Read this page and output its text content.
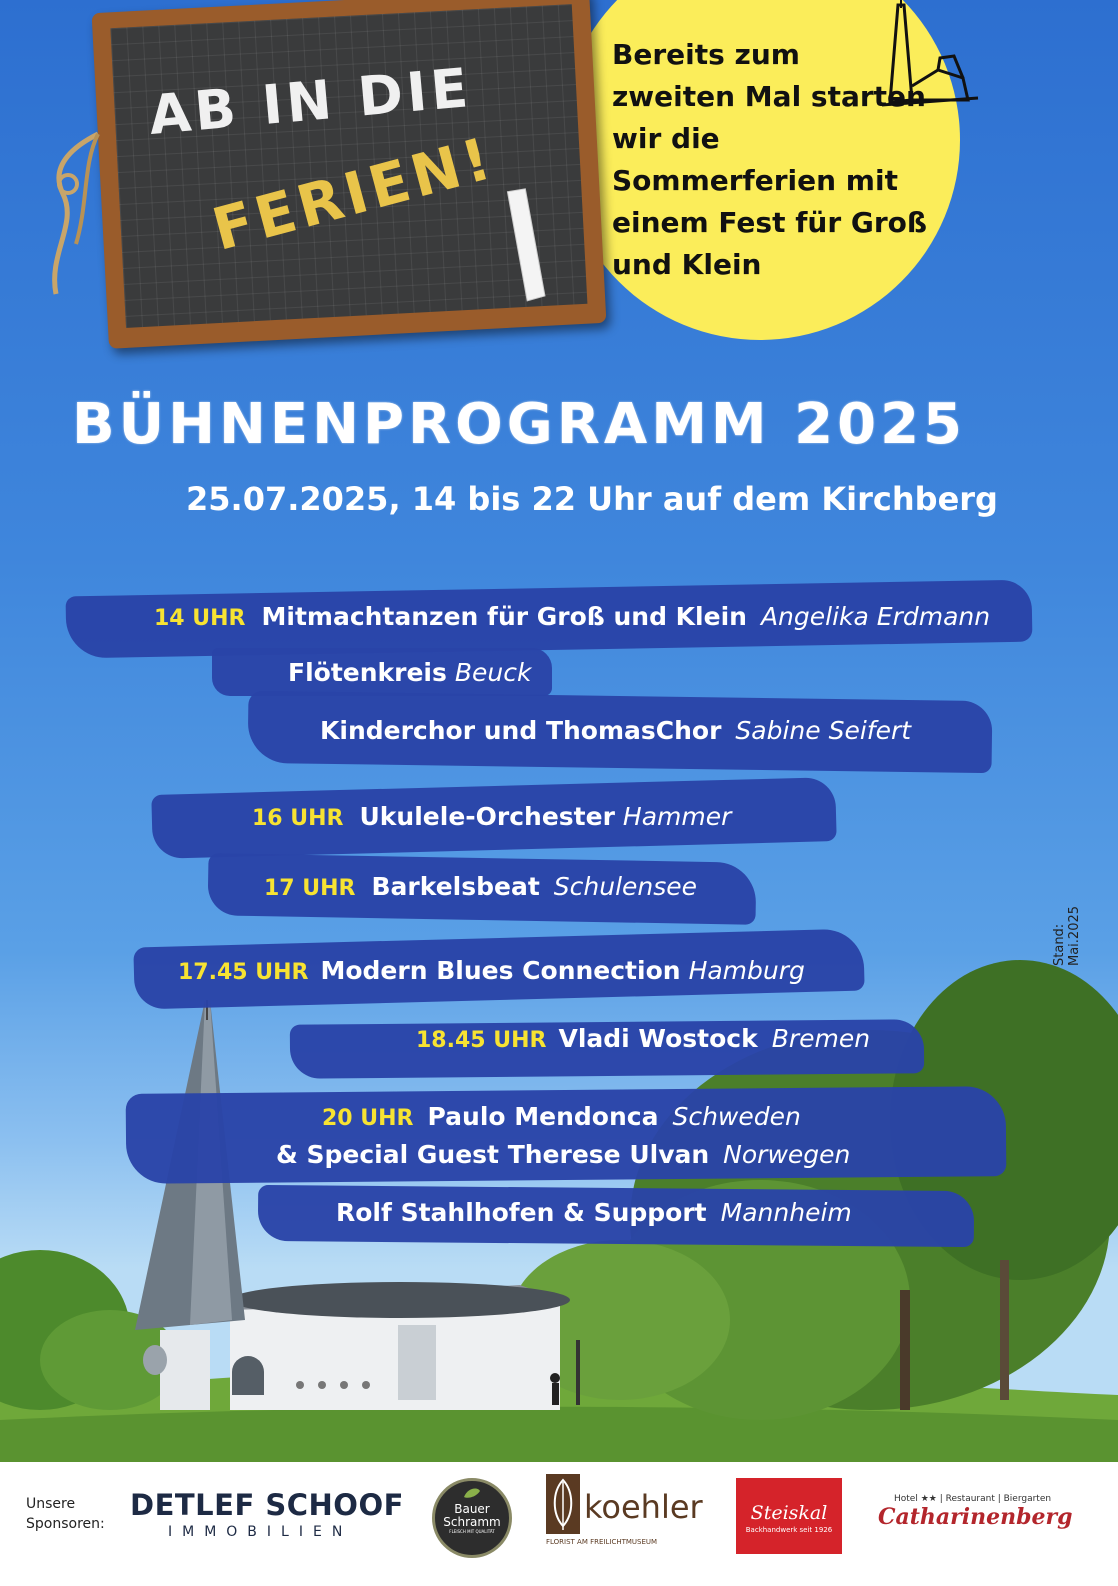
Bereits zum zweiten Mal starten wir die Sommerferien mit einem Fest für Groß und Klein
AB IN DIE
FERIEN!
BÜHNENPROGRAMM 2025
25.07.2025, 14 bis 22 Uhr auf dem Kirchberg
14 UHR Mitmachtanzen für Groß und Klein Angelika Erdmann
Flötenkreis Beuck
Kinderchor und ThomasChor Sabine Seifert
16 UHR Ukulele-Orchester Hammer
17 UHR Barkelsbeat Schulensee
17.45 UHR Modern Blues Connection Hamburg
18.45 UHR Vladi Wostock Bremen
20 UHR Paulo Mendonca Schweden
& Special Guest Therese Ulvan Norwegen
Rolf Stahlhofen & Support Mannheim
Stand: Mai.2025
Unsere Sponsoren:
DETLEF SCHOOF
IMMOBILIEN
Bauer
Schramm
FLEISCH MIT QUALITÄT
koehler
FLORIST AM FREILICHTMUSEUM
Steiskal
Backhandwerk seit 1926
Hotel ★★ | Restaurant | Biergarten
Catharinenberg
